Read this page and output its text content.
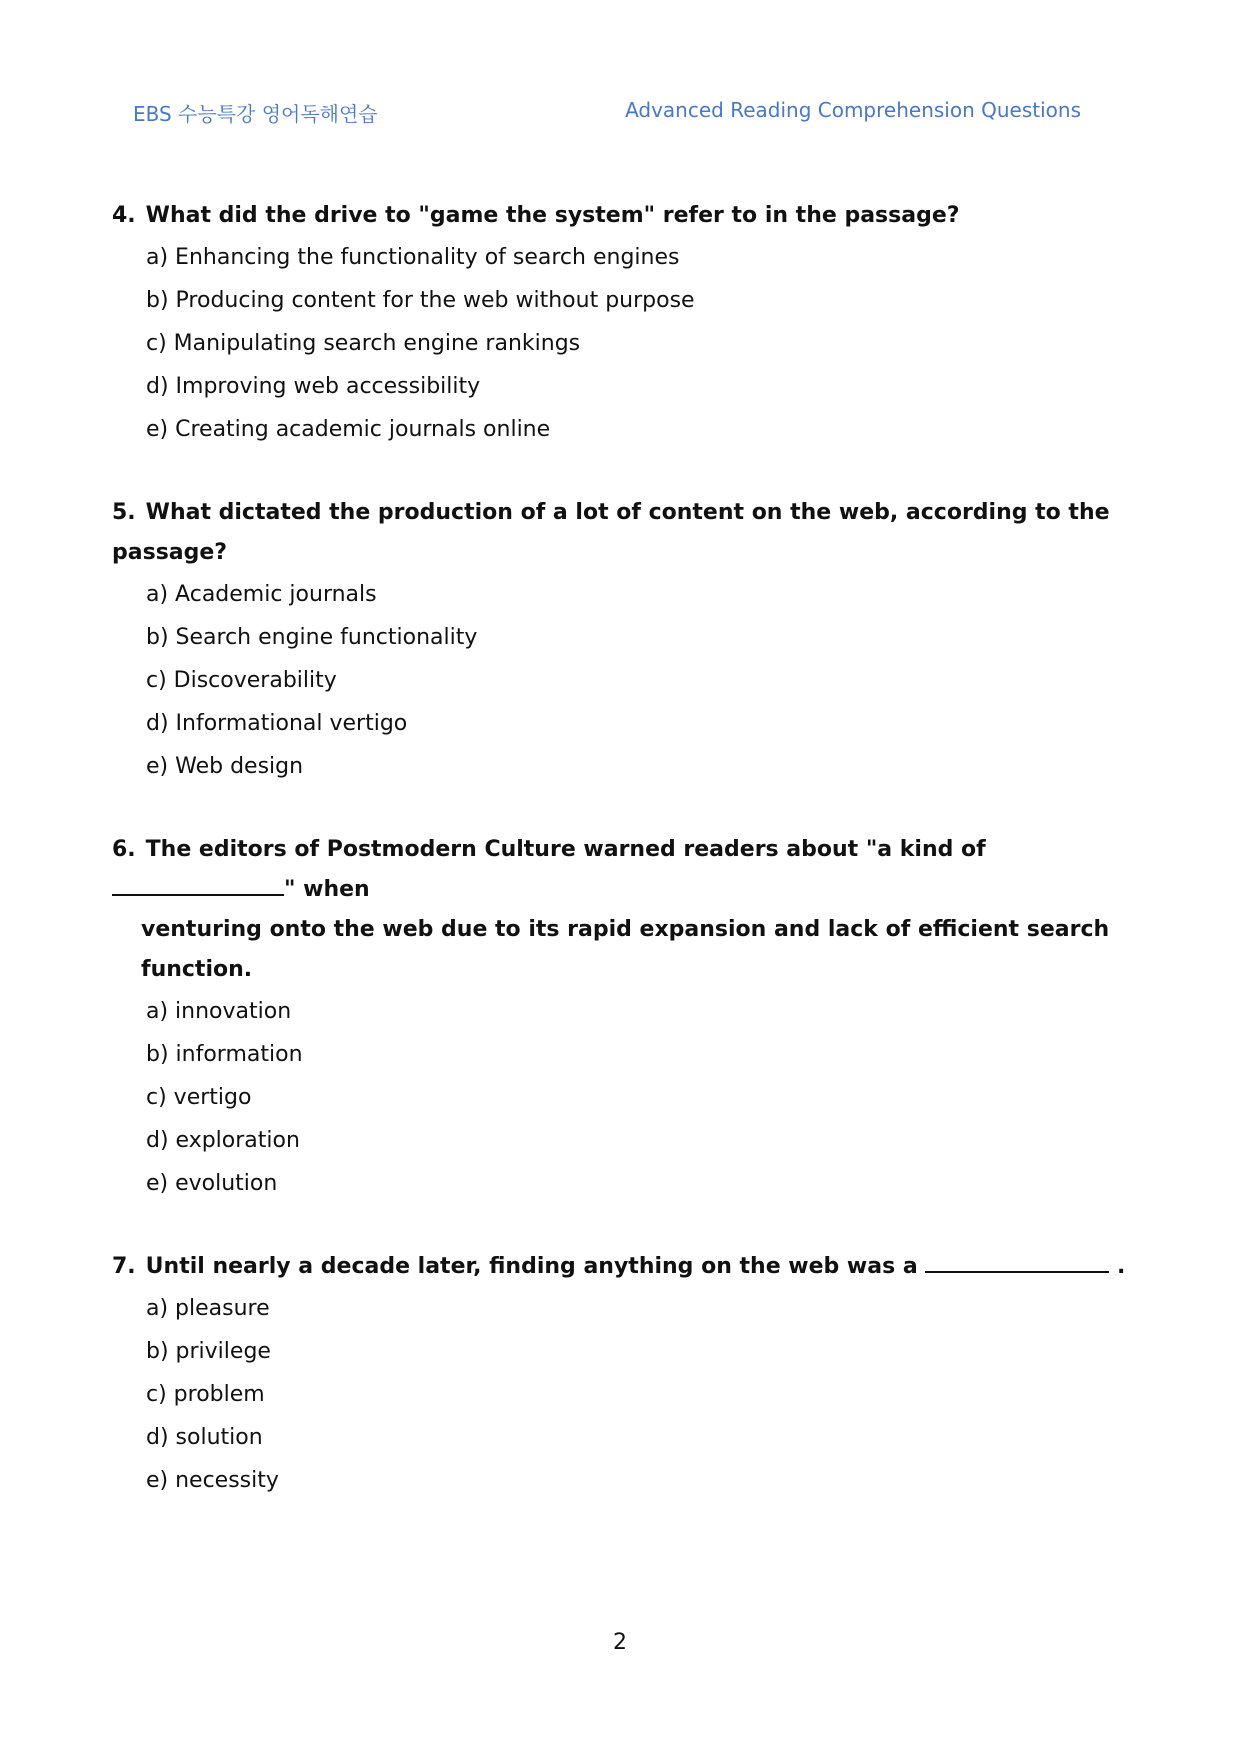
EBS 수능특강 영어독해연습	Advanced Reading Comprehension Questions
4. What did the drive to "game the system" refer to in the passage?
a) Enhancing the functionality of search engines
b) Producing content for the web without purpose
c) Manipulating search engine rankings
d) Improving web accessibility
e) Creating academic journals online
5. What dictated the production of a lot of content on the web, according to the passage?
a) Academic journals
b) Search engine functionality
c) Discoverability
d) Informational vertigo
e) Web design
6. The editors of Postmodern Culture warned readers about "a kind of " when
venturing onto the web due to its rapid expansion and lack of efficient search function.
a) innovation
b) information
c) vertigo
d) exploration
e) evolution
7. Until nearly a decade later, finding anything on the web was a	.
a) pleasure
b) privilege
c) problem
d) solution
e) necessity
2
